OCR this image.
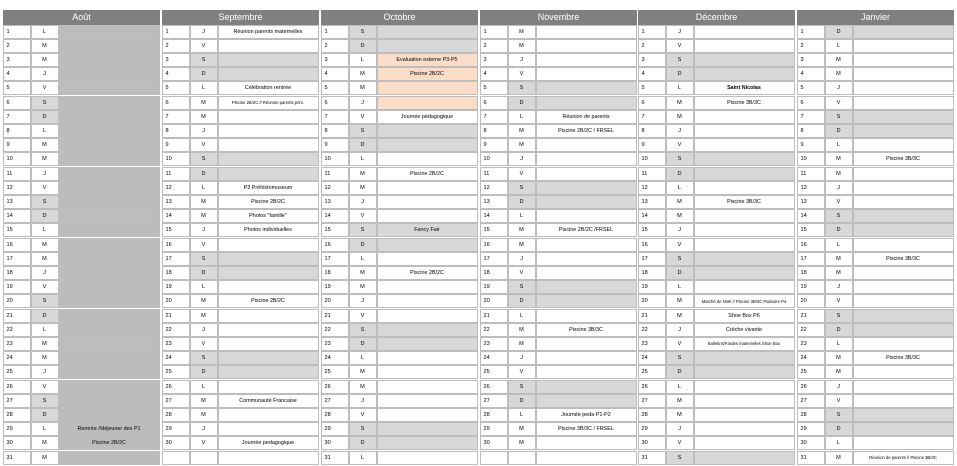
Août
1	L
2	M
3	M
4	J
5	V
6	S
7	D
8	L
9	M
10	M
11	J
12	V
13	S
14	D
15	L
16	M
17	M
18	J
19	V
20	S
21	D
22	L
23	M
24	M
25	J
26	V
27	S
28	D
29	L	Rentrée //déjeuner des P1
30	M	Piscine 2B/2C
31	M
Septembre
1	J	Réunion parents maternelles
2	V
3	S
4	D
5	L	Célébration rentrée
6	M	Piscine 2B/2C // Réunion parents prim.
7	M
8	J
9	V
10	S
11	D
12	L	P3 Préhistomuseum
13	M	Piscine 2B/2C
14	M	Photos "famille"
15	J	Photos individuelles
16	V
17	S
18	D
19	L
20	M	Piscine 2B/2C
21	M
22	J
23	V
24	S
25	D
26	L
27	M	Communauté Francaise
28	M
29	J
30	V	Journée pedagogique
Octobre
1	S
2	D
3	L	Evaluation externe P3-P5
4	M	Piscine 2B/2C
5	M
6	J
7	V	Journée pédagogique
8	S
9	D
10	L
11	M	Piscine 2B/2C
12	M
13	J
14	V
15	S	Fancy Fair
16	D
17	L
18	M	Piscine 2B/2C
19	M
20	J
21	V
22	S
23	D
24	L
25	M
26	M
27	J
28	V
29	S
30	D
31	L
Novembre
1	M
2	M
3	J
4	V
5	S
6	D
7	L	Réunion de parents
8	M	Piscine 2B/2C / FRSEL
9	M
10	J
11	V
12	S
13	D
14	L
15	M	Piscine 2B/2C /FRSEL
16	M
17	J
18	V
19	S
20	D
21	L
22	M	Piscine 3B/3C
23	M
24	J
25	V
26	S
27	D
28	L	Journée peda P1-P2
29	M	Piscine 3B/3C / FRSEL
30	M
Décembre
1	J
2	V
3	S
4	D
5	L	Saint Nicolas
6	M	Piscine 3B/3C
7	M
8	J
9	V
10	S
11	D
12	L
13	M	Piscine 3B/3C
14	M
15	J
16	V
17	S
18	D
19	L
20	M	Marché de Noël // Piscine 3B/3C Patinoire P4
21	M	Shoe Box P6
22	J	Crèche vivante
23	V	Bulletins/Fardes maternelles Shoe Box
24	S
25	D
26	L
27	M
28	M
29	J
30	V
31	S
Janvier
1	D
2	L
3	M
4	M
5	J
6	V
7	S
8	D
9	L
10	M	Piscine 3B/3C
11	M
12	J
13	V
14	S
15	D
16	L
17	M	Piscine 3B/3C
18	M
19	J
20	V
21	S
22	D
23	L
24	M	Piscine 3B/3C
25	M
26	J
27	V
28	S
29	D
30	L
31	M	Réunion de parents // Piscine 3B/3C
